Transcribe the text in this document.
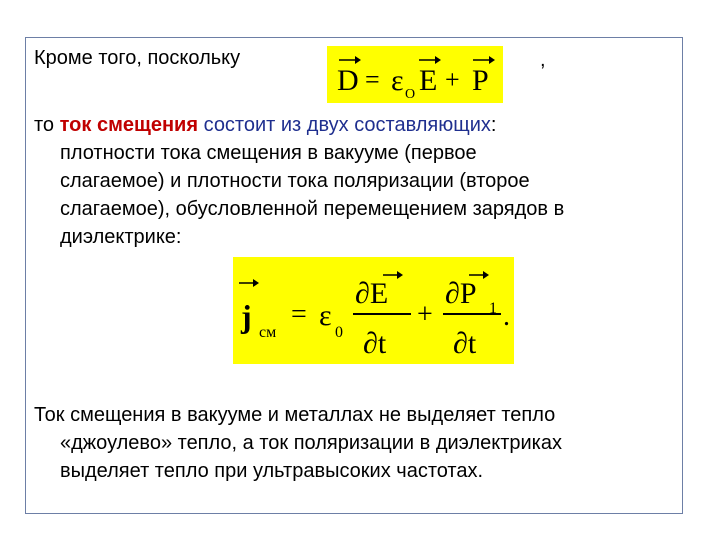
Кроме того, поскольку
D = ε O E + P
,
то ток смещения состоит из двух составляющих:
плотности тока смещения в вакууме (первое
слагаемое) и плотности тока поляризации (второе
слагаемое), обусловленной перемещением зарядов в
диэлектрике:
j см
= ε
0
∂E
∂t
+
∂P 1
∂t
.
Ток смещения в вакууме и металлах не выделяет тепло
«джоулево» тепло, а ток поляризации в диэлектриках
выделяет тепло при ультравысоких частотах.
